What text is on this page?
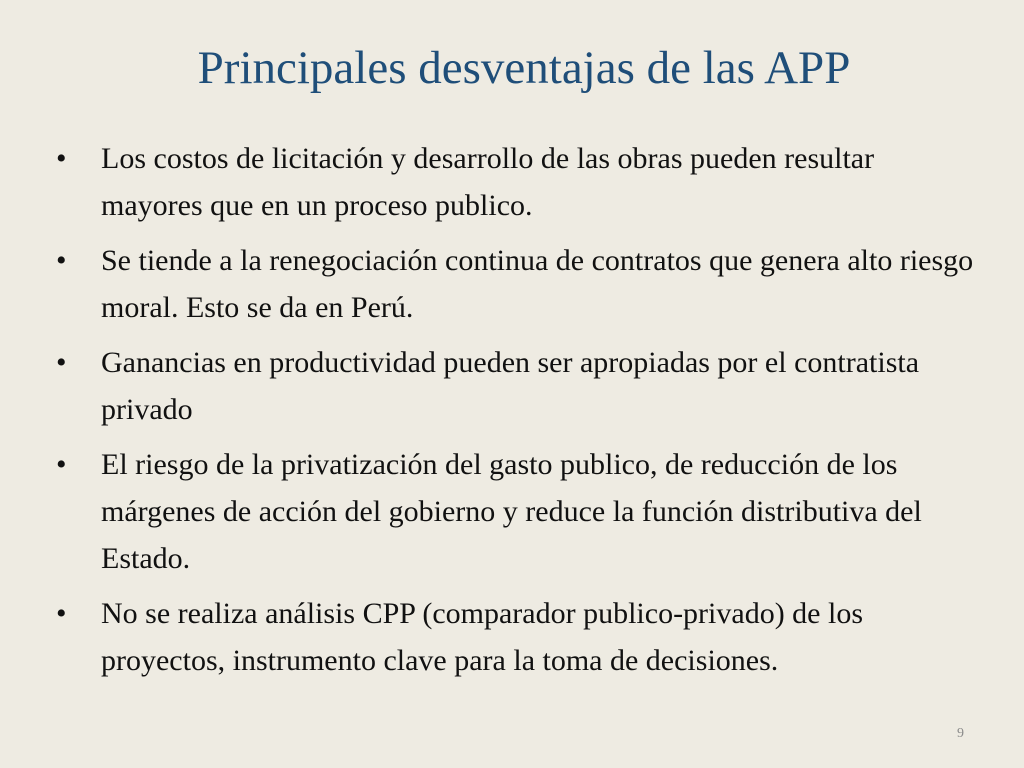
Principales desventajas de las APP
•	Los costos de licitación y desarrollo de las obras pueden resultar mayores que en un proceso publico.
•	Se tiende a la renegociación continua de contratos que genera alto riesgo moral. Esto se da en Perú.
•	Ganancias en productividad pueden ser apropiadas por el contratista privado
•	El riesgo de la privatización del gasto publico, de reducción de los márgenes de acción del gobierno y reduce la función distributiva del Estado.
•	No se realiza análisis CPP (comparador publico-privado) de los proyectos, instrumento clave para la toma de decisiones.
9
